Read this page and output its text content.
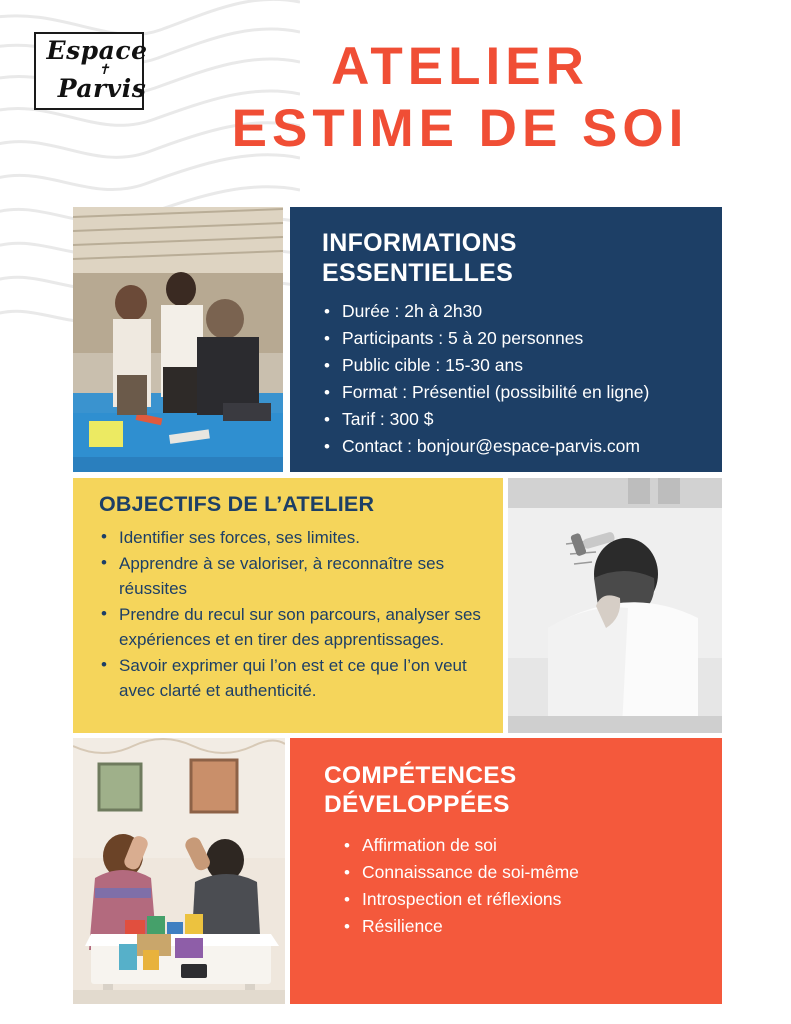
Espace
✝
Parvis	ATELIER
ESTIME DE SOI
INFORMATIONS
ESSENTIELLES
• Durée : 2h à 2h30
• Participants : 5 à 20 personnes
• Public cible : 15-30 ans
• Format : Présentiel (possibilité en ligne)
• Tarif : 300 $
• Contact : bonjour@espace-parvis.com
OBJECTIFS DE L’ATELIER
• Identifier ses forces, ses limites.
• Apprendre à se valoriser, à reconnaître ses réussites
• Prendre du recul sur son parcours, analyser ses expériences et en tirer des apprentissages.
• Savoir exprimer qui l’on est et ce que l’on veut avec clarté et authenticité.
COMPÉTENCES
DÉVELOPPÉES
• Affirmation de soi
• Connaissance de soi-même
• Introspection et réflexions
• Résilience
